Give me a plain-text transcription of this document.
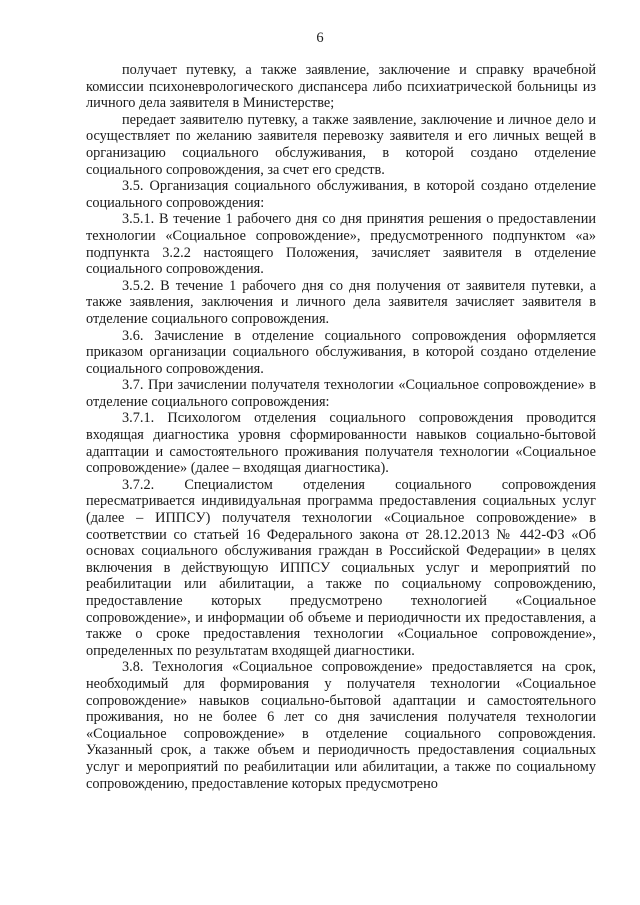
6

получает путевку, а также заявление, заключение и справку врачебной комиссии психоневрологического диспансера либо психиатрической больницы из личного дела заявителя в Министерстве;

передает заявителю путевку, а также заявление, заключение и личное дело и осуществляет по желанию заявителя перевозку заявителя и его личных вещей в организацию социального обслуживания, в которой создано отделение социального сопровождения, за счет его средств.

3.5. Организация социального обслуживания, в которой создано отделение социального сопровождения:

3.5.1. В течение 1 рабочего дня со дня принятия решения о предоставлении технологии «Социальное сопровождение», предусмотренного подпунктом «а» подпункта 3.2.2 настоящего Положения, зачисляет заявителя в отделение социального сопровождения.

3.5.2. В течение 1 рабочего дня со дня получения от заявителя путевки, а также заявления, заключения и личного дела заявителя зачисляет заявителя в отделение социального сопровождения.

3.6. Зачисление в отделение социального сопровождения оформляется приказом организации социального обслуживания, в которой создано отделение социального сопровождения.

3.7. При зачислении получателя технологии «Социальное сопровождение» в отделение социального сопровождения:

3.7.1. Психологом отделения социального сопровождения проводится входящая диагностика уровня сформированности навыков социально-бытовой адаптации и самостоятельного проживания получателя технологии «Социальное сопровождение» (далее – входящая диагностика).

3.7.2. Специалистом отделения социального сопровождения пересматривается индивидуальная программа предоставления социальных услуг (далее – ИППСУ) получателя технологии «Социальное сопровождение» в соответствии со статьей 16 Федерального закона от 28.12.2013 № 442-ФЗ «Об основах социального обслуживания граждан в Российской Федерации» в целях включения в действующую ИППСУ социальных услуг и мероприятий по реабилитации или абилитации, а также по социальному сопровождению, предоставление которых предусмотрено технологией «Социальное сопровождение», и информации об объеме и периодичности их предоставления, а также о сроке предоставления технологии «Социальное сопровождение», определенных по результатам входящей диагностики.

3.8. Технология «Социальное сопровождение» предоставляется на срок, необходимый для формирования у получателя технологии «Социальное сопровождение» навыков социально-бытовой адаптации и самостоятельного проживания, но не более 6 лет со дня зачисления получателя технологии «Социальное сопровождение» в отделение социального сопровождения. Указанный срок, а также объем и периодичность предоставления социальных услуг и мероприятий по реабилитации или абилитации, а также по социальному сопровождению, предоставление которых предусмотрено
